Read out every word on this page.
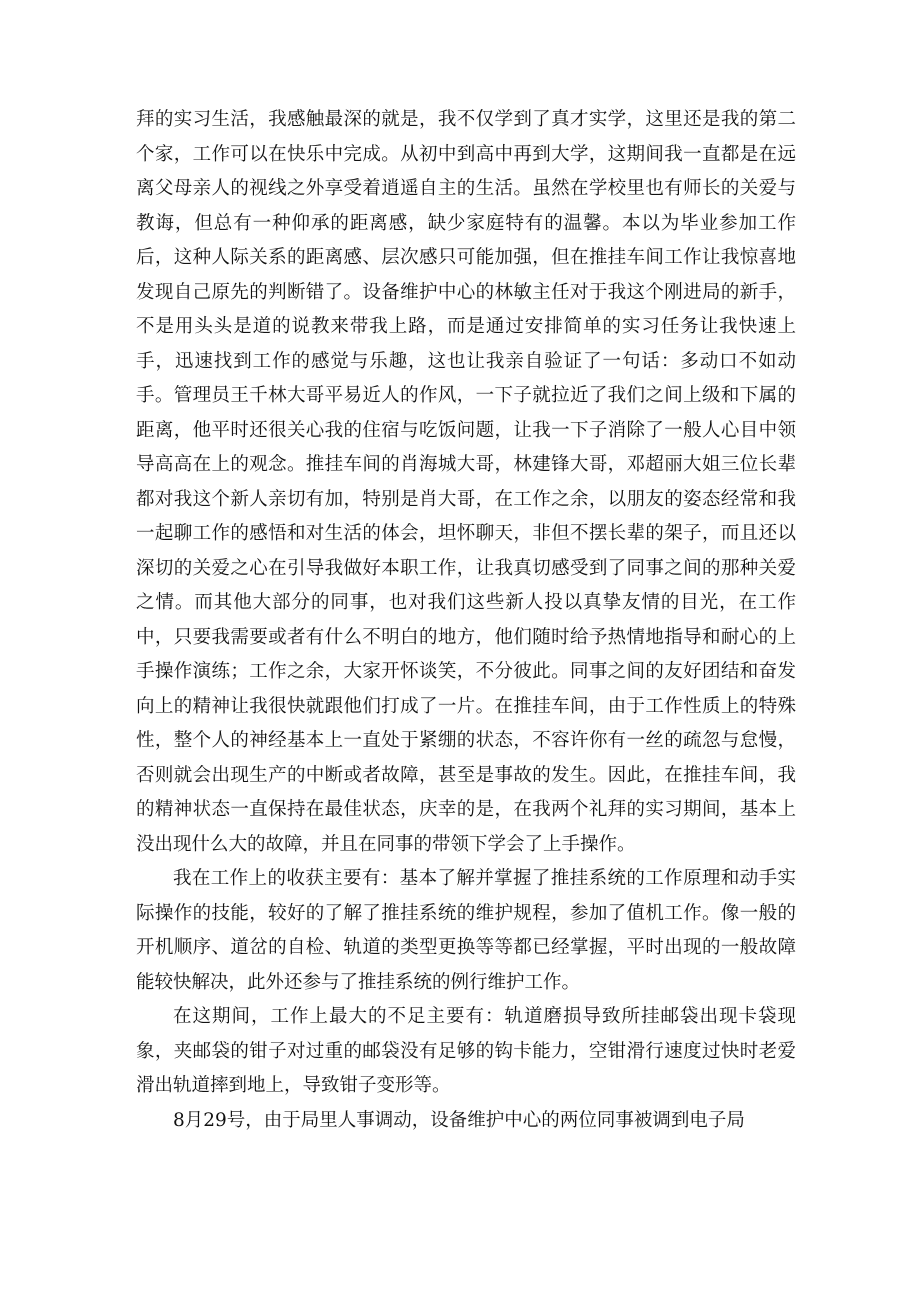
拜的实习生活，我感触最深的就是，我不仅学到了真才实学，这里还是我的第二个家，工作可以在快乐中完成。从初中到高中再到大学，这期间我一直都是在远离父母亲人的视线之外享受着逍遥自主的生活。虽然在学校里也有师长的关爱与教诲，但总有一种仰承的距离感，缺少家庭特有的温馨。本以为毕业参加工作后，这种人际关系的距离感、层次感只可能加强，但在推挂车间工作让我惊喜地发现自己原先的判断错了。设备维护中心的林敏主任对于我这个刚进局的新手，不是用头头是道的说教来带我上路，而是通过安排简单的实习任务让我快速上手，迅速找到工作的感觉与乐趣，这也让我亲自验证了一句话：多动口不如动手。管理员王千林大哥平易近人的作风，一下子就拉近了我们之间上级和下属的距离，他平时还很关心我的住宿与吃饭问题，让我一下子消除了一般人心目中领导高高在上的观念。推挂车间的肖海城大哥，林建锋大哥，邓超丽大姐三位长辈都对我这个新人亲切有加，特别是肖大哥，在工作之余，以朋友的姿态经常和我一起聊工作的感悟和对生活的体会，坦怀聊天，非但不摆长辈的架子，而且还以深切的关爱之心在引导我做好本职工作，让我真切感受到了同事之间的那种关爱之情。而其他大部分的同事，也对我们这些新人投以真挚友情的目光，在工作中，只要我需要或者有什么不明白的地方，他们随时给予热情地指导和耐心的上手操作演练；工作之余，大家开怀谈笑，不分彼此。同事之间的友好团结和奋发向上的精神让我很快就跟他们打成了一片。在推挂车间，由于工作性质上的特殊性，整个人的神经基本上一直处于紧绷的状态，不容许你有一丝的疏忽与怠慢，否则就会出现生产的中断或者故障，甚至是事故的发生。因此，在推挂车间，我的精神状态一直保持在最佳状态，庆幸的是，在我两个礼拜的实习期间，基本上没出现什么大的故障，并且在同事的带领下学会了上手操作。

我在工作上的收获主要有：基本了解并掌握了推挂系统的工作原理和动手实际操作的技能，较好的了解了推挂系统的维护规程，参加了值机工作。像一般的开机顺序、道岔的自检、轨道的类型更换等等都已经掌握，平时出现的一般故障能较快解决，此外还参与了推挂系统的例行维护工作。

在这期间，工作上最大的不足主要有：轨道磨损导致所挂邮袋出现卡袋现象，夹邮袋的钳子对过重的邮袋没有足够的钩卡能力，空钳滑行速度过快时老爱滑出轨道摔到地上，导致钳子变形等。

8月29号，由于局里人事调动，设备维护中心的两位同事被调到电子局
